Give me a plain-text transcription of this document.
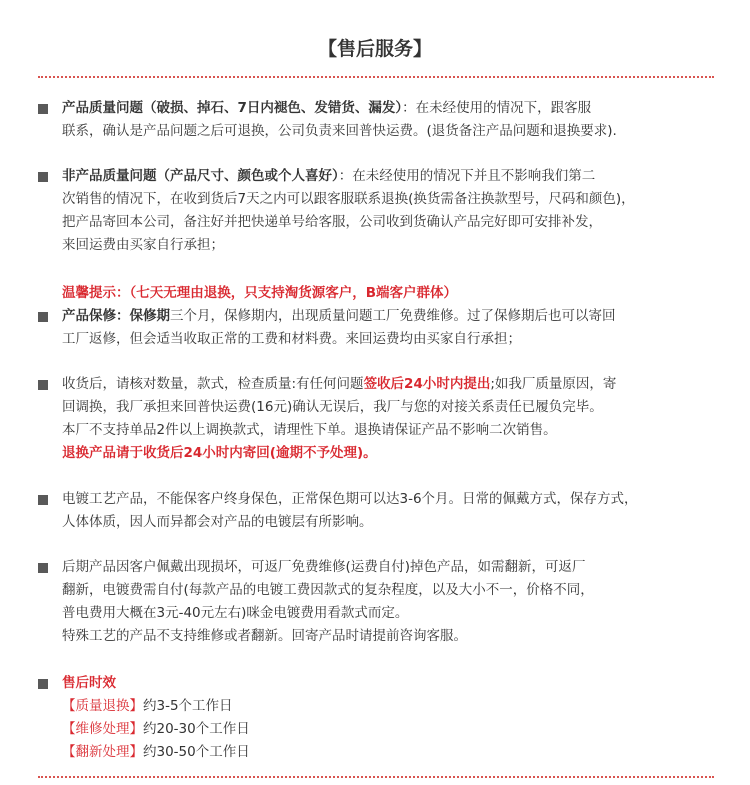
【售后服务】
产品质量问题（破损、掉石、7日内褪色、发错货、漏发）：在未经使用的情况下，跟客服
联系，确认是产品问题之后可退换，公司负责来回普快运费。(退货备注产品问题和退换要求).
非产品质量问题（产品尺寸、颜色或个人喜好）：在未经使用的情况下并且不影响我们第二
次销售的情况下，在收到货后7天之内可以跟客服联系退换(换货需备注换款型号，尺码和颜色)，
把产品寄回本公司，备注好并把快递单号给客服，公司收到货确认产品完好即可安排补发，
来回运费由买家自行承担；
温馨提示：（七天无理由退换，只支持淘货源客户，B端客户群体）
产品保修：保修期三个月，保修期内，出现质量问题工厂免费维修。过了保修期后也可以寄回
工厂返修，但会适当收取正常的工费和材料费。来回运费均由买家自行承担；
收货后，请核对数量，款式，检查质量:有任何问题签收后24小时内提出;如我厂质量原因，寄
回调换，我厂承担来回普快运费(16元)确认无误后，我厂与您的对接关系责任已履负完毕。
本厂不支持单品2件以上调换款式，请理性下单。退换请保证产品不影响二次销售。
退换产品请于收货后24小时内寄回(逾期不予处理)。
电镀工艺产品，不能保客户终身保色，正常保色期可以达3-6个月。日常的佩戴方式，保存方式，
人体体质，因人而异都会对产品的电镀层有所影响。
后期产品因客户佩戴出现损坏，可返厂免费维修(运费自付)掉色产品，如需翻新，可返厂
翻新，电镀费需自付(每款产品的电镀工费因款式的复杂程度，以及大小不一，价格不同，
普电费用大概在3元-40元左右)咪金电镀费用看款式而定。
特殊工艺的产品不支持维修或者翻新。回寄产品时请提前咨询客服。
售后时效
【质量退换】约3-5个工作日
【维修处理】约20-30个工作日
【翻新处理】约30-50个工作日
